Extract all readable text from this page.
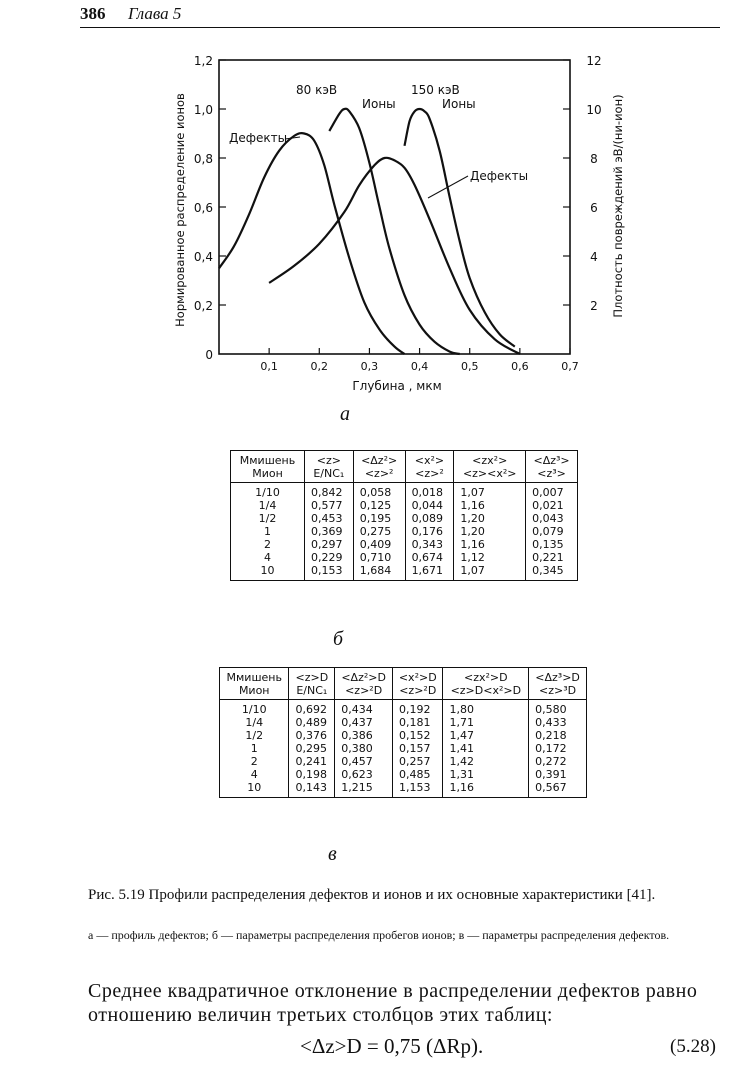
386 Глава 5
0,1	0,2	0,3	0,4	0,5	0,6	0,7
0
0,2
0,4
0,6
0,8
1,0
1,2
2
4
6
8
10
12
Глубина , мкм
Нормированное распределение ионов	Плотность повреждений эВ/(ни-ион)
80 кэВ	150 кэВ
Дефекты
Ионы	Ионы
Дефекты
а
Mмишень	<z>	<Δz²>	<x²>	<zx²>	<Δz³>
Mион	E/NC₁	<z>²	<z>²	<z><x²>	<z³>
1/10	0,842	0,058	0,018	1,07	0,007
1/4	0,577	0,125	0,044	1,16	0,021
1/2	0,453	0,195	0,089	1,20	0,043
1	0,369	0,275	0,176	1,20	0,079
2	0,297	0,409	0,343	1,16	0,135
4	0,229	0,710	0,674	1,12	0,221
10	0,153	1,684	1,671	1,07	0,345
б
Mмишень	<z>D	<Δz²>D	<x²>D	<zx²>D	<Δz³>D
Mион	E/NC₁	<z>²D	<z>²D	<z>D<x²>D	<z>³D
1/10	0,692	0,434	0,192	1,80	0,580
1/4	0,489	0,437	0,181	1,71	0,433
1/2	0,376	0,386	0,152	1,47	0,218
1	0,295	0,380	0,157	1,41	0,172
2	0,241	0,457	0,257	1,42	0,272
4	0,198	0,623	0,485	1,31	0,391
10	0,143	1,215	1,153	1,16	0,567
в
Рис. 5.19 Профили распределения дефектов и ионов и их основные характеристики [41].
а — профиль дефектов; б — параметры распределения пробегов ионов; в — параметры распределения дефектов.
Среднее квадратичное отклонение в распределении дефектов равно отношению величин третьих столбцов этих таблиц:
<Δz>D = 0,75 (ΔRp).	(5.28)
